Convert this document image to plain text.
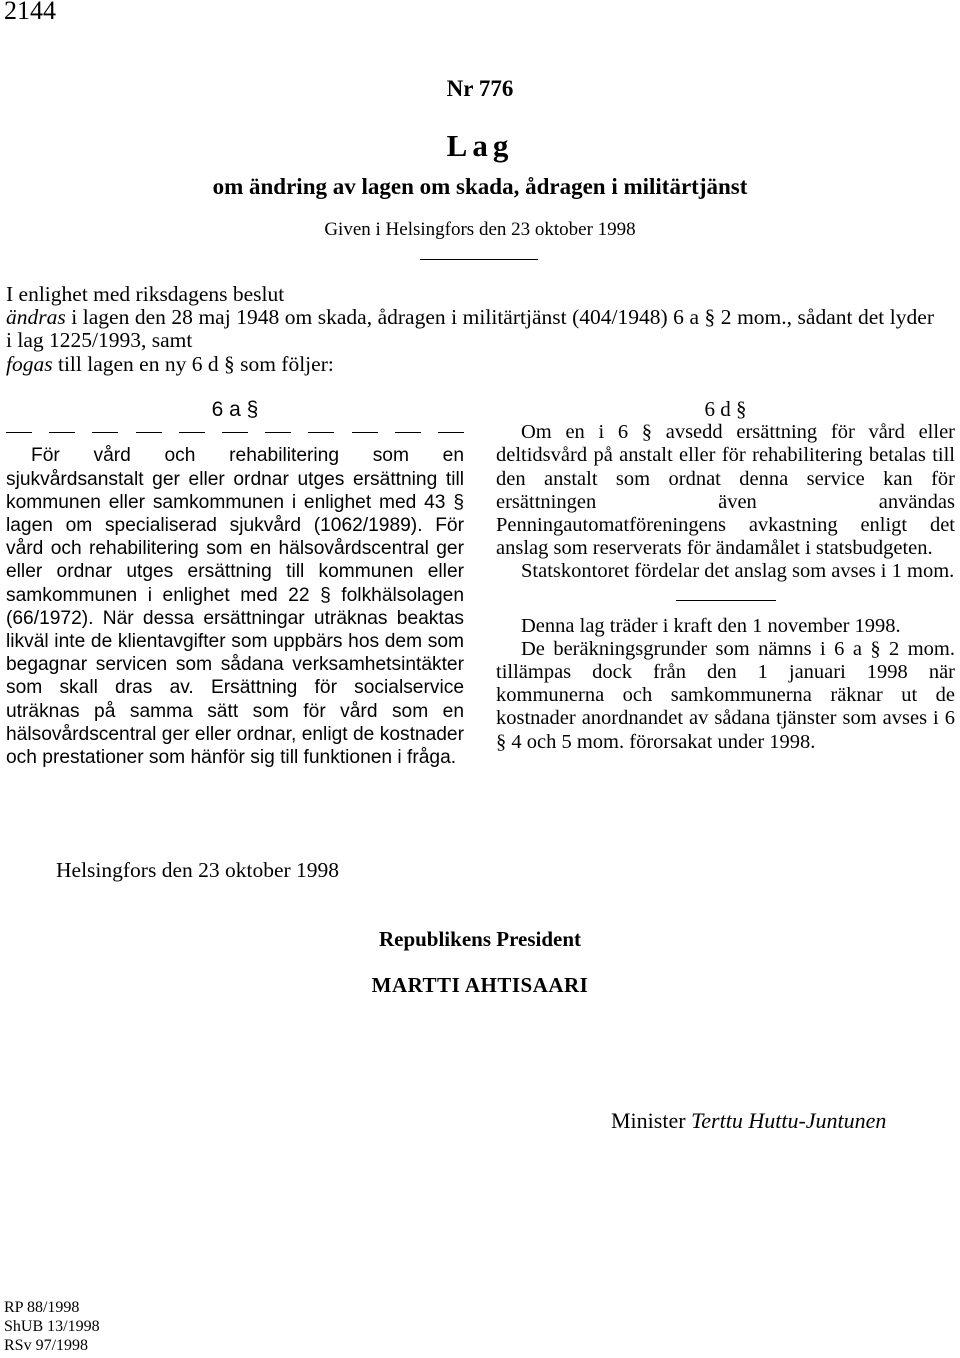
2144
Nr 776
Lag
om ändring av lagen om skada, ådragen i militärtjänst
Given i Helsingfors den 23 oktober 1998

I enlighet med riksdagens beslut

ändras i lagen den 28 maj 1948 om skada, ådragen i militärtjänst (404/1948) 6 a § 2 mom., sådant det lyder i lag 1225/1993, samt

fogas till lagen en ny 6 d § som följer:

6 a §

För vård och rehabilitering som en sjukvårdsanstalt ger eller ordnar utges ersättning till kommunen eller samkommunen i enlighet med 43 § lagen om specialiserad sjukvård (1062/1989). För vård och rehabilitering som en hälsovårdscentral ger eller ordnar utges ersättning till kommunen eller samkommunen i enlighet med 22 § folkhälsolagen (66/1972). När dessa ersättningar uträknas beaktas likväl inte de klientavgifter som uppbärs hos dem som begagnar servicen som sådana verksamhetsintäkter som skall dras av. Ersättning för socialservice uträknas på samma sätt som för vård som en hälsovårdscentral ger eller ordnar, enligt de kostnader och prestationer som hänför sig till funktionen i fråga.

6 d §

Om en i 6 § avsedd ersättning för vård eller deltidsvård på anstalt eller för rehabilitering betalas till den anstalt som ordnat denna service kan för ersättningen även användas Penningautomatföreningens avkastning enligt det anslag som reserverats för ändamålet i statsbudgeten.

Statskontoret fördelar det anslag som avses i 1 mom.

Denna lag träder i kraft den 1 november 1998.

De beräkningsgrunder som nämns i 6 a § 2 mom. tillämpas dock från den 1 januari 1998 när kommunerna och samkommunerna räknar ut de kostnader anordnandet av sådana tjänster som avses i 6 § 4 och 5 mom. förorsakat under 1998.

Helsingfors den 23 oktober 1998
Republikens President
MARTTI AHTISAARI
Minister Terttu Huttu-Juntunen
RP 88/1998
ShUB 13/1998
RSv 97/1998
